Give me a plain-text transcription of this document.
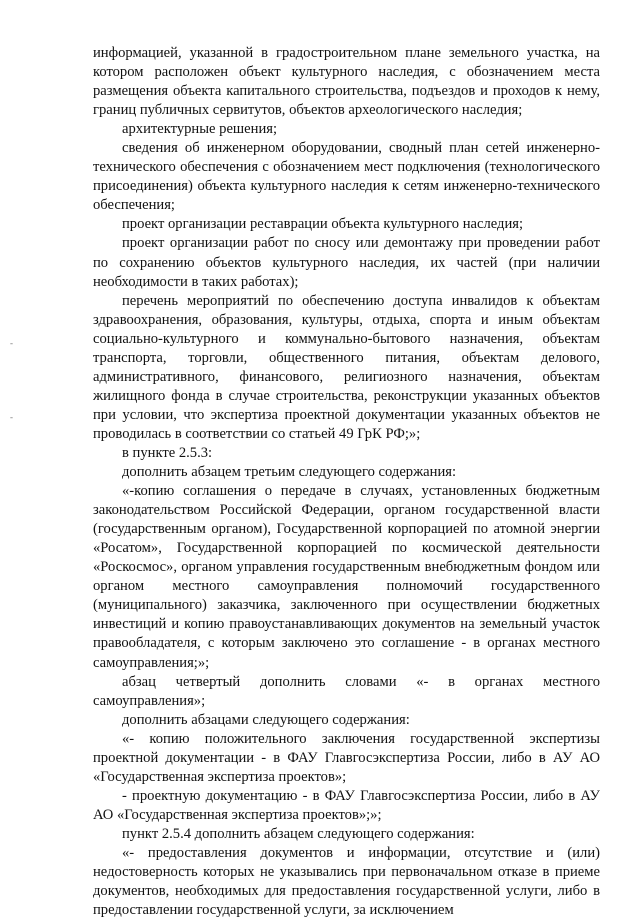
-
-

информацией, указанной в градостроительном плане земельного участка, на котором расположен объект культурного наследия, с обозначением места размещения объекта капитального строительства, подъездов и проходов к нему, границ публичных сервитутов, объектов археологического наследия;

архитектурные решения;

сведения об инженерном оборудовании, сводный план сетей инженерно-технического обеспечения с обозначением мест подключения (технологического присоединения) объекта культурного наследия к сетям инженерно-технического обеспечения;

проект организации реставрации объекта культурного наследия;

проект организации работ по сносу или демонтажу при проведении работ по сохранению объектов культурного наследия, их частей (при наличии необходимости в таких работах);

перечень мероприятий по обеспечению доступа инвалидов к объектам здравоохранения, образования, культуры, отдыха, спорта и иным объектам социально-культурного и коммунально-бытового назначения, объектам транспорта, торговли, общественного питания, объектам делового, административного, финансового, религиозного назначения, объектам жилищного фонда в случае строительства, реконструкции указанных объектов при условии, что экспертиза проектной документации указанных объектов не проводилась в соответствии со статьей 49 ГрК РФ;»;

в пункте 2.5.3:

дополнить абзацем третьим следующего содержания:

«-копию соглашения о передаче в случаях, установленных бюджетным законодательством Российской Федерации, органом государственной власти (государственным органом), Государственной корпорацией по атомной энергии «Росатом», Государственной корпорацией по космической деятельности «Роскосмос», органом управления государственным внебюджетным фондом или органом местного самоуправления полномочий государственного (муниципального) заказчика, заключенного при осуществлении бюджетных инвестиций и копию правоустанавливающих документов на земельный участок правообладателя, с которым заключено это соглашение - в органах местного самоуправления;»;

абзац четвертый дополнить словами «- в органах местного самоуправления»;

дополнить абзацами следующего содержания:

«- копию положительного заключения государственной экспертизы проектной документации - в ФАУ Главгосэкспертиза России, либо в АУ АО «Государственная экспертиза проектов»;

- проектную документацию - в ФАУ Главгосэкспертиза России, либо в АУ АО «Государственная экспертиза проектов»;»;

пункт 2.5.4 дополнить абзацем следующего содержания:

«- предоставления документов и информации, отсутствие и (или) недостоверность которых не указывались при первоначальном отказе в приеме документов, необходимых для предоставления государственной услуги, либо в предоставлении государственной услуги, за исключением
